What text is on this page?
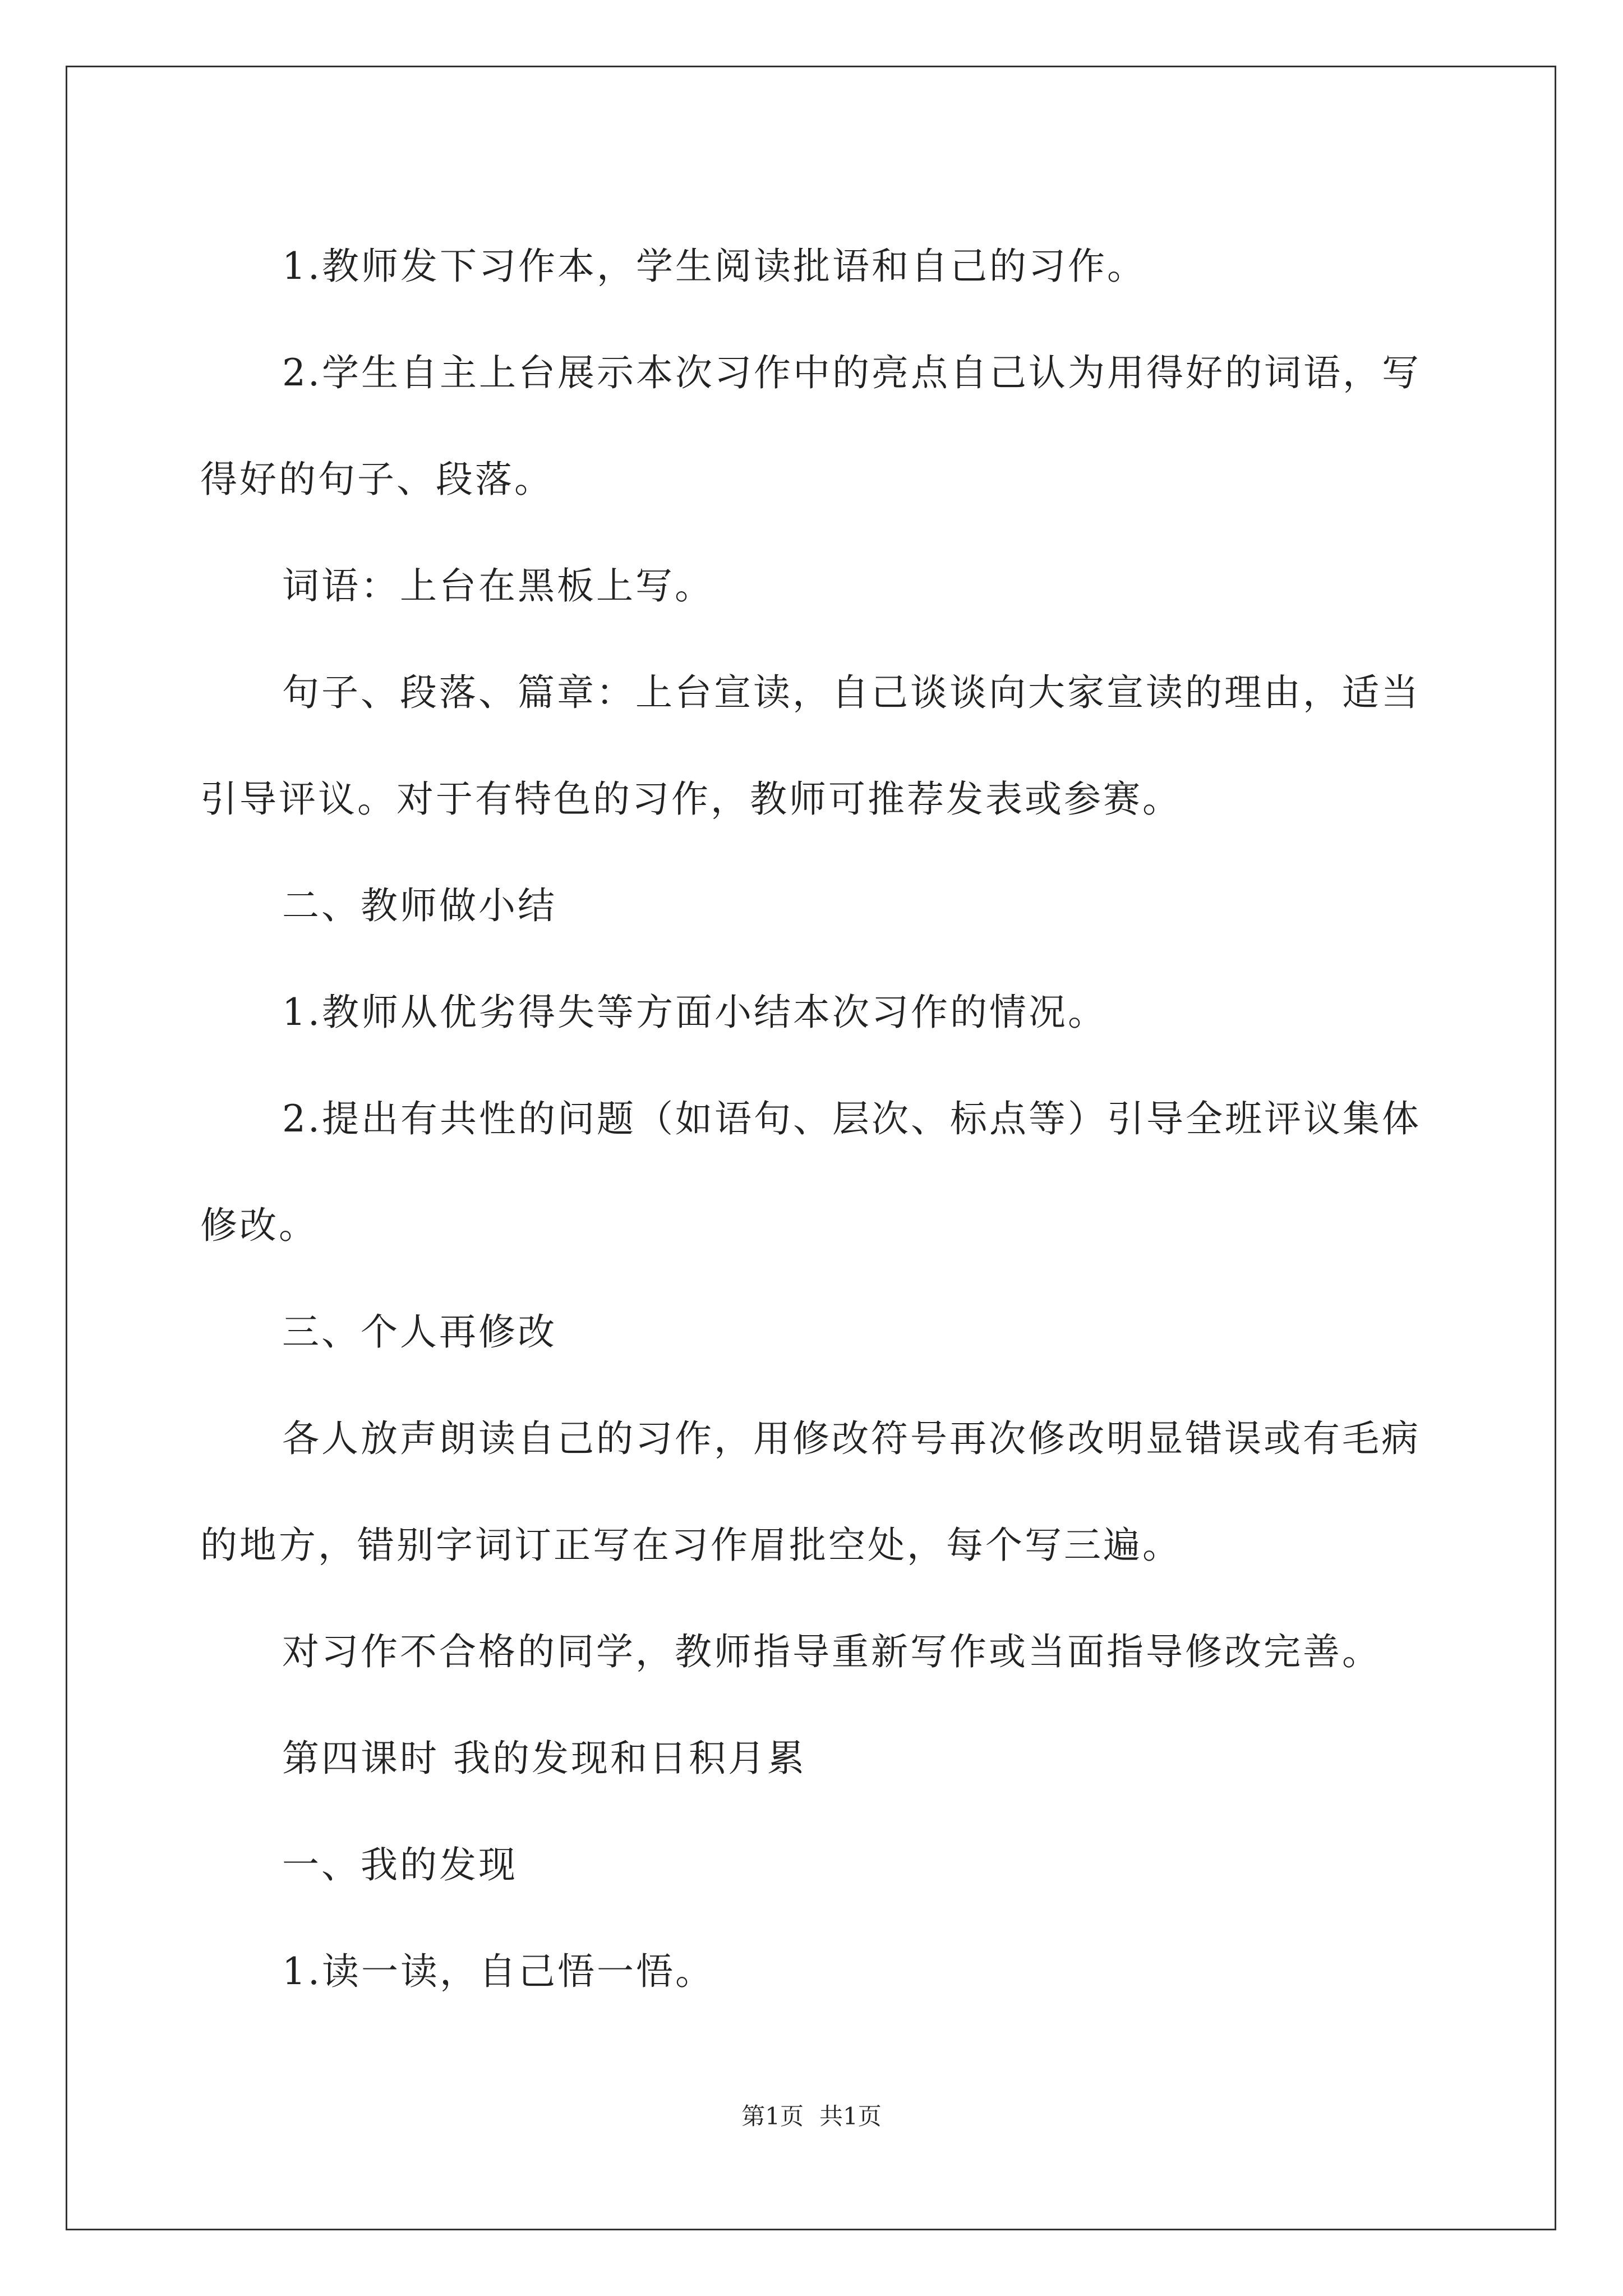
1.教师发下习作本，学生阅读批语和自己的习作。

2.学生自主上台展示本次习作中的亮点自己认为用得好的词语，写得好的句子、段落。

词语：上台在黑板上写。

句子、段落、篇章：上台宣读，自己谈谈向大家宣读的理由，适当引导评议。对于有特色的习作，教师可推荐发表或参赛。

二、教师做小结

1.教师从优劣得失等方面小结本次习作的情况。

2.提出有共性的问题（如语句、层次、标点等）引导全班评议集体修改。

三、个人再修改

各人放声朗读自己的习作，用修改符号再次修改明显错误或有毛病的地方，错别字词订正写在习作眉批空处，每个写三遍。

对习作不合格的同学，教师指导重新写作或当面指导修改完善。

第四课时 我的发现和日积月累

一、我的发现

1.读一读，自己悟一悟。

第1页 共1页
